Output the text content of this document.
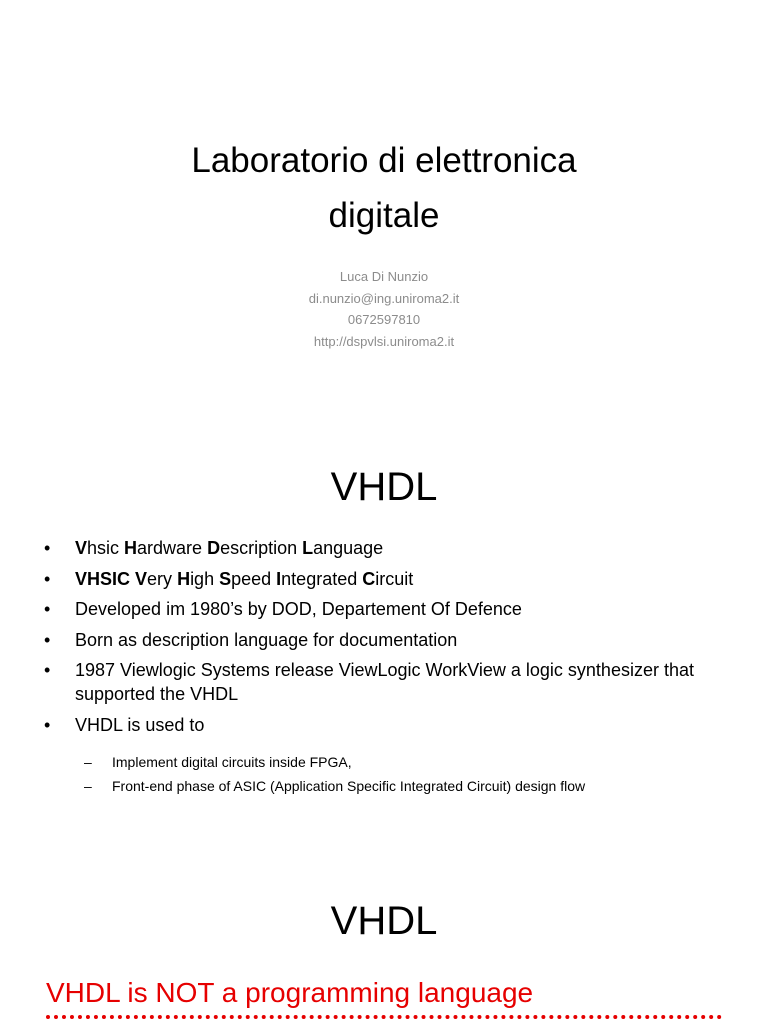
Laboratorio di elettronica
digitale
Luca Di Nunzio
di.nunzio@ing.uniroma2.it
0672597810
http://dspvlsi.uniroma2.it
VHDL
• Vhsic Hardware Description Language
• VHSIC Very High Speed Integrated Circuit
• Developed im 1980’s by DOD, Departement Of Defence
• Born as description language for documentation
• 1987 Viewlogic Systems release ViewLogic WorkView a logic synthesizer that supported the VHDL
• VHDL is used to
– Implement digital circuits inside FPGA,
– Front-end phase of ASIC (Application Specific Integrated Circuit) design flow
VHDL
VHDL is NOT a programming language
